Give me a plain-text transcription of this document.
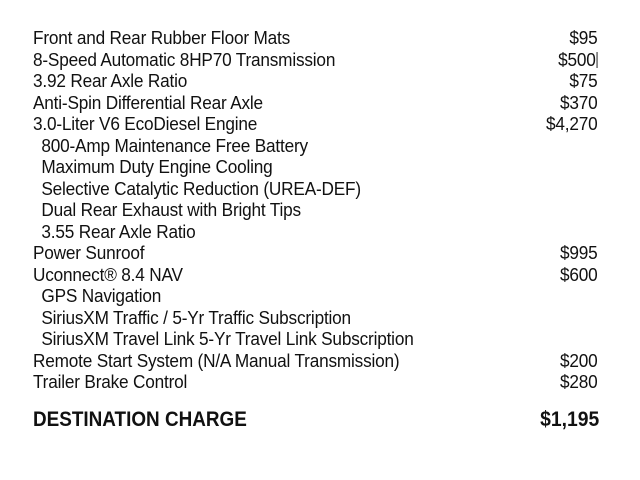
Front and Rear Rubber Floor Mats	$95
8-Speed Automatic 8HP70 Transmission	$500
3.92 Rear Axle Ratio	$75
Anti-Spin Differential Rear Axle	$370
3.0-Liter V6 EcoDiesel Engine	$4,270
800-Amp Maintenance Free Battery
Maximum Duty Engine Cooling
Selective Catalytic Reduction (UREA-DEF)
Dual Rear Exhaust with Bright Tips
3.55 Rear Axle Ratio
Power Sunroof	$995
Uconnect® 8.4 NAV	$600
GPS Navigation
SiriusXM Traffic / 5-Yr Traffic Subscription
SiriusXM Travel Link 5-Yr Travel Link Subscription
Remote Start System (N/A Manual Transmission)	$200
Trailer Brake Control	$280
DESTINATION CHARGE	$1,195
